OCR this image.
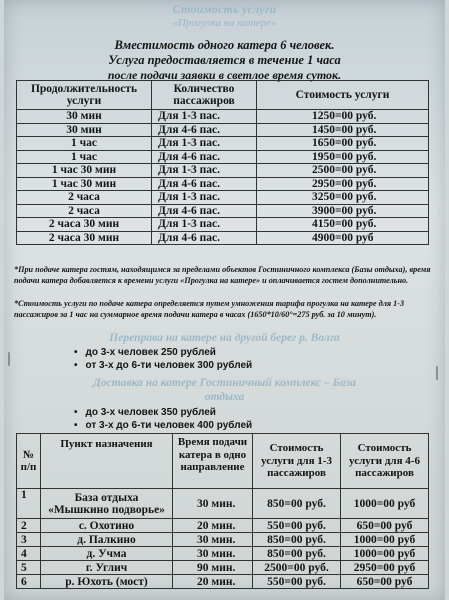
Стоимость услуги
«Прогулка на катере»
Вместимость одного катера 6 человек.
Услуга предоставляется в течение 1 часа
после подачи заявки в светлое время суток.
Продолжительность услуги	Количество пассажиров	Стоимость услуги
30 мин	Для 1-3 пас.	1250=00 руб.
30 мин	Для 4-6 пас.	1450=00 руб.
1 час	Для 1-3 пас.	1650=00 руб.
1 час	Для 4-6 пас.	1950=00 руб.
1 час 30 мин	Для 1-3 пас.	2500=00 руб.
1 час 30 мин	Для 4-6 пас.	2950=00 руб.
2 часа	Для 1-3 пас.	3250=00 руб.
2 часа	Для 4-6 пас.	3900=00 руб.
2 часа 30 мин	Для 1-3 пас.	4150=00 руб.
2 часа 30 мин	Для 4-6 пас.	4900=00 руб
*При подаче катера гостям, находящимся за пределами объектов Гостиничного комплекса (Базы отдыха), время подачи катера добавляется к времени услуги «Прогулка на катере» и оплачивается гостем дополнительно.
*Стоимость услуги по подаче катера определяется путем умножения тарифа прогулка на катере для 1-3 пассажиров за 1 час на суммарное время подачи катера в часах (1650*10/60°=275 руб. за 10 минут).
Переправа на катере на другой берег р. Волга
• до 3-х человек 250 рублей
• от 3-х до 6-ти человек 300 рублей
Доставка на катере Гостиничный комплекс – База
отдыха
• до 3-х человек 350 рублей
• от 3-х до 6-ти человек 400 рублей
№ п/п	Пункт назначения	Время подачи катера в одно направление	Стоимость услуги для 1-3 пассажиров	Стоимость услуги для 4-6 пассажиров
1	База отдыха «Мышкино подворье»	30 мин.	850=00 руб.	1000=00 руб
2	с. Охотино	20 мин.	550=00 руб.	650=00 руб
3	д. Палкино	30 мин.	850=00 руб.	1000=00 руб
4	д. Учма	30 мин.	850=00 руб.	1000=00 руб
5	г. Углич	90 мин.	2500=00 руб.	2950=00 руб
6	р. Юхоть (мост)	20 мин.	550=00 руб.	650=00 руб
